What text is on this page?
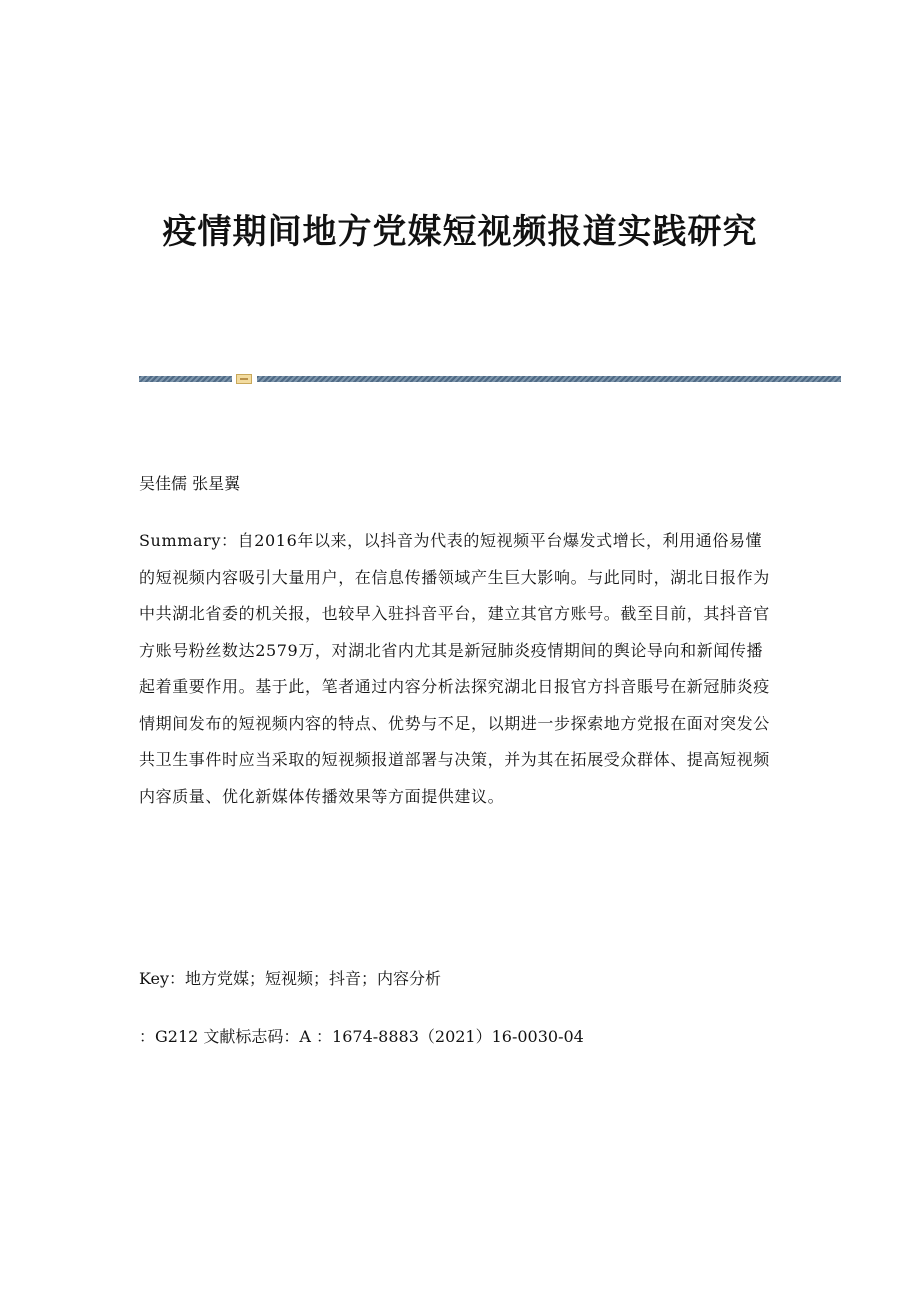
疫情期间地方党媒短视频报道实践研究

吴佳儒 张星翼

Summary：自2016年以来，以抖音为代表的短视频平台爆发式增长，利用通俗易懂的短视频内容吸引大量用户，在信息传播领域产生巨大影响。与此同时，湖北日报作为中共湖北省委的机关报，也较早入驻抖音平台，建立其官方账号。截至目前，其抖音官方账号粉丝数达2579万，对湖北省内尤其是新冠肺炎疫情期间的舆论导向和新闻传播起着重要作用。基于此，笔者通过内容分析法探究湖北日报官方抖音賬号在新冠肺炎疫情期间发布的短视频内容的特点、优势与不足，以期进一步探索地方党报在面对突发公共卫生事件时应当采取的短视频报道部署与决策，并为其在拓展受众群体、提高短视频内容质量、优化新媒体传播效果等方面提供建议。

Key：地方党媒；短视频；抖音；内容分析

：G212 文献标志码：A ：1674-8883（2021）16-0030-04
